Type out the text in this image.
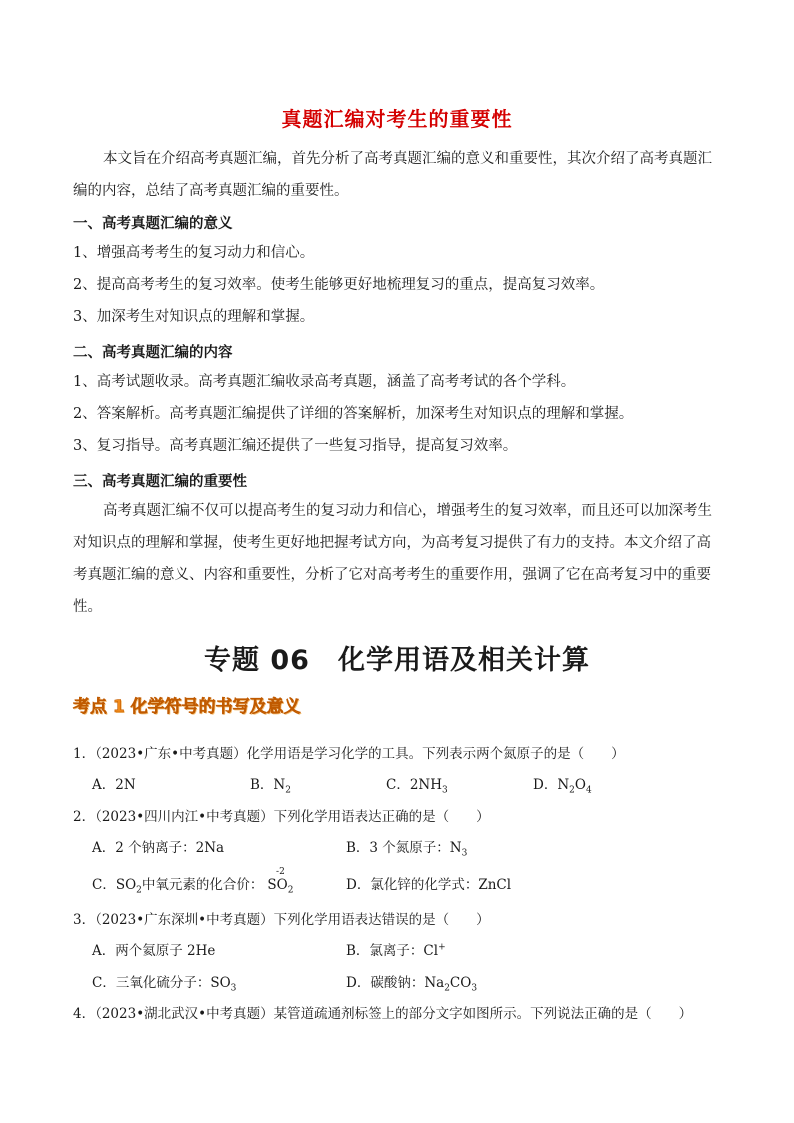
真题汇编对考生的重要性
本文旨在介绍高考真题汇编，首先分析了高考真题汇编的意义和重要性，其次介绍了高考真题汇
编的内容，总结了高考真题汇编的重要性。
一、高考真题汇编的意义
1、增强高考考生的复习动力和信心。
2、提高高考考生的复习效率。使考生能够更好地梳理复习的重点，提高复习效率。
3、加深考生对知识点的理解和掌握。
二、高考真题汇编的内容
1、高考试题收录。高考真题汇编收录高考真题，涵盖了高考考试的各个学科。
2、答案解析。高考真题汇编提供了详细的答案解析，加深考生对知识点的理解和掌握。
3、复习指导。高考真题汇编还提供了一些复习指导，提高复习效率。
三、高考真题汇编的重要性
高考真题汇编不仅可以提高考生的复习动力和信心，增强考生的复习效率，而且还可以加深考生
对知识点的理解和掌握，使考生更好地把握考试方向，为高考复习提供了有力的支持。本文介绍了高
考真题汇编的意义、内容和重要性，分析了它对高考考生的重要作用，强调了它在高考复习中的重要
性。
专题 06　化学用语及相关计算
考点 1 化学符号的书写及意义
1．（2023•广东•中考真题）化学用语是学习化学的工具。下列表示两个氮原子的是（　　）
A．2N	B．$N_2$	C．$2NH_3$	D．$N_2O_4$
2．（2023•四川内江•中考真题）下列化学用语表达正确的是（　　）
A．2 个钠离子：2Na	B．3 个氮原子：$N_3$
C．$SO_2$中氧元素的化合价：
-2
$SO_2$	D．氯化锌的化学式：ZnCl
3．（2023•广东深圳•中考真题）下列化学用语表达错误的是（　　）
A．两个氦原子 2He	B．氯离子：Cl+
C．三氧化硫分子：$SO_3$	D．碳酸钠：$Na_2CO_3$
4．（2023•湖北武汉•中考真题）某管道疏通剂标签上的部分文字如图所示。下列说法正确的是（　　）
